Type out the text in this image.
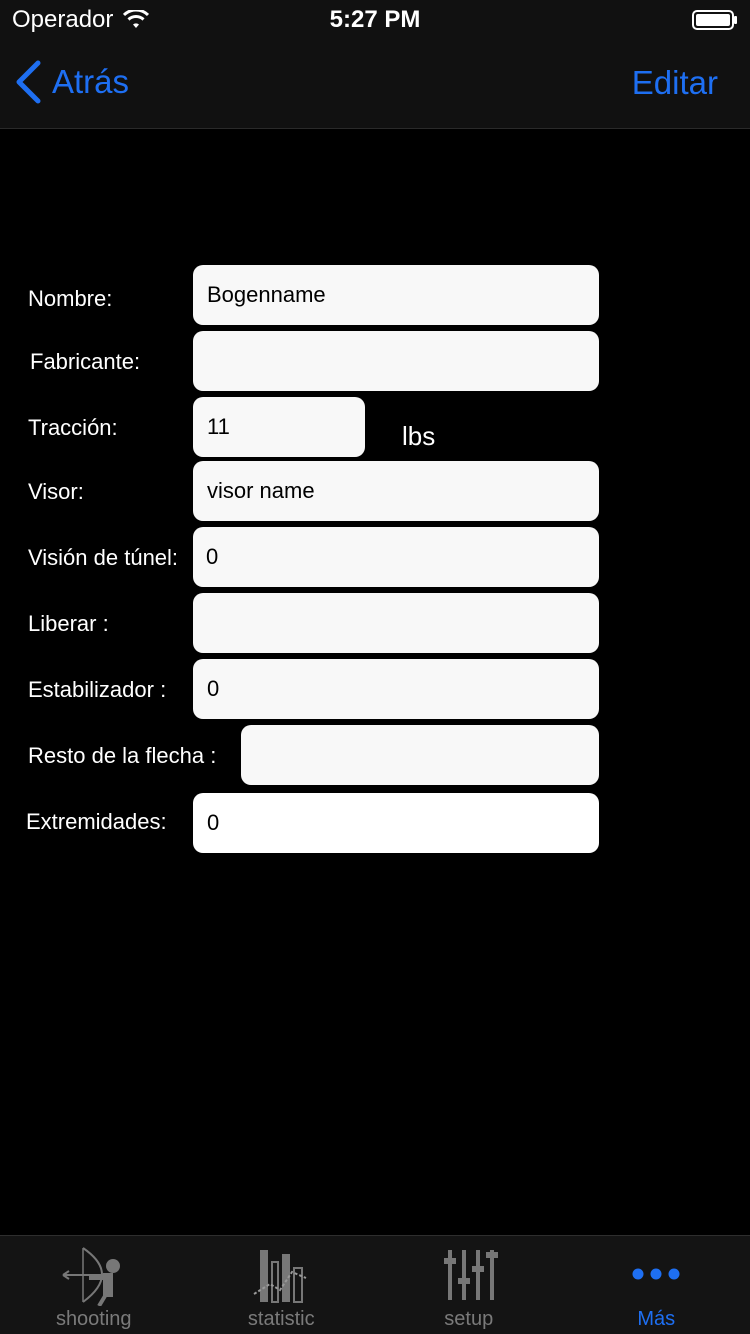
Operador	5:27 PM
Atrás	Editar
Nombre:
Bogenname
Fabricante:
Tracción:
11	lbs
Visor:
visor name
Visión de túnel:
0
Liberar :
Estabilizador :
0
Resto de la flecha :
Extremidades:
0
shooting	statistic	setup	Más
